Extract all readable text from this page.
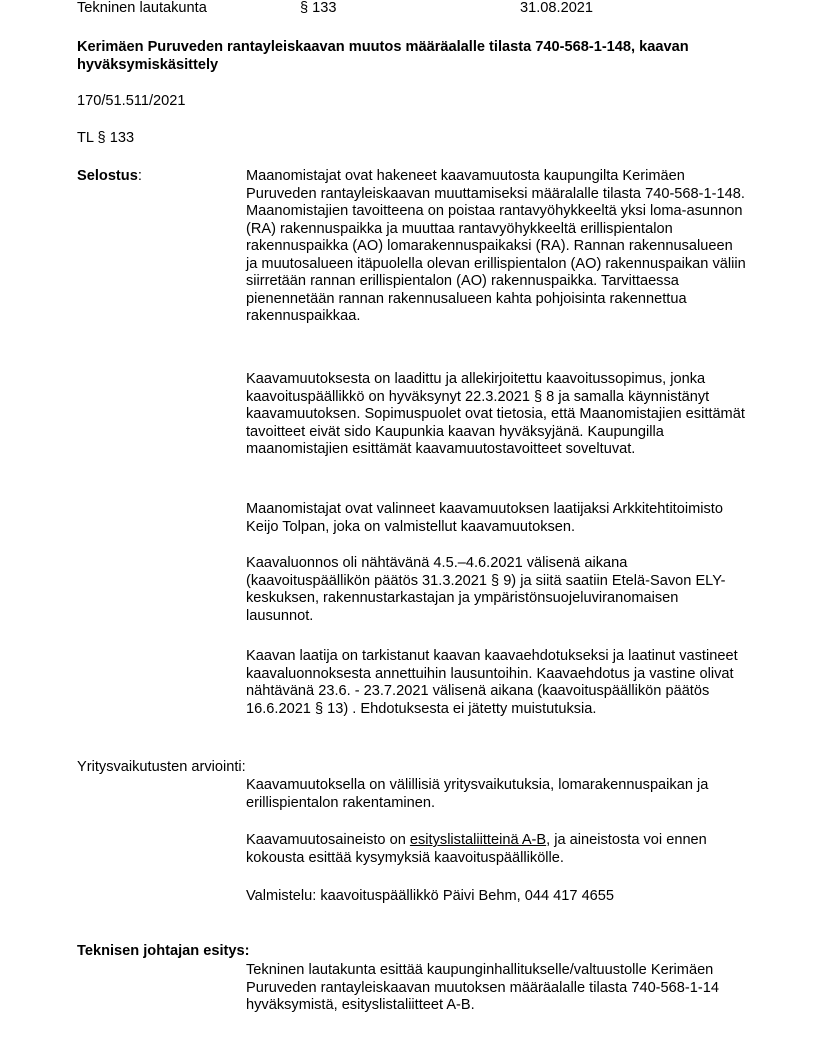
Tekninen lautakunta	§ 133	31.08.2021
Kerimäen Puruveden rantayleiskaavan muutos määräalalle tilasta 740-568-1-148, kaavan hyväksymiskäsittely
170/51.511/2021
TL § 133
Selostus:	Maanomistajat ovat hakeneet kaavamuutosta kaupungilta Kerimäen Puruveden rantayleiskaavan muuttamiseksi määralalle tilasta 740-568-1-148. Maanomistajien tavoitteena on poistaa rantavyöhykkeeltä yksi loma-asunnon (RA) rakennuspaikka ja muuttaa rantavyöhykkeeltä erillispientalon rakennuspaikka (AO) lomarakennuspaikaksi (RA). Rannan rakennusalueen ja muutosalueen itäpuolella olevan erillispientalon (AO) rakennuspaikan väliin siirretään rannan erillispientalon (AO) rakennuspaikka. Tarvittaessa pienennetään rannan rakennusalueen kahta pohjoisinta rakennettua rakennuspaikkaa.
Kaavamuutoksesta on laadittu ja allekirjoitettu kaavoitussopimus, jonka kaavoituspäällikkö on hyväksynyt 22.3.2021 § 8 ja samalla käynnistänyt kaavamuutoksen. Sopimuspuolet ovat tietosia, että Maanomistajien esittämät tavoitteet eivät sido Kaupunkia kaavan hyväksyjänä. Kaupungilla maanomistajien esittämät kaavamuutostavoitteet soveltuvat.
Maanomistajat ovat valinneet kaavamuutoksen laatijaksi Arkkitehtitoimisto Keijo Tolpan, joka on valmistellut kaavamuutoksen.
Kaavaluonnos oli nähtävänä 4.5.–4.6.2021 välisenä aikana (kaavoituspäällikön päätös 31.3.2021 § 9) ja siitä saatiin Etelä-Savon ELY-keskuksen, rakennustarkastajan ja ympäristönsuojeluviranomaisen lausunnot.
Kaavan laatija on tarkistanut kaavan kaavaehdotukseksi ja laatinut vastineet kaavaluonnoksesta annettuihin lausuntoihin. Kaavaehdotus ja vastine olivat nähtävänä 23.6. - 23.7.2021 välisenä aikana (kaavoituspäällikön päätös 16.6.2021 § 13) . Ehdotuksesta ei jätetty muistutuksia.
Yritysvaikutusten arviointi:
Kaavamuutoksella on välillisiä yritysvaikutuksia, lomarakennuspaikan ja erillispientalon rakentaminen.
Kaavamuutosaineisto on esityslistaliitteinä A-B, ja aineistosta voi ennen kokousta esittää kysymyksiä kaavoituspäällikölle.
Valmistelu: kaavoituspäällikkö Päivi Behm, 044 417 4655
Teknisen johtajan esitys:
Tekninen lautakunta esittää kaupunginhallitukselle/valtuustolle Kerimäen Puruveden rantayleiskaavan muutoksen määräalalle tilasta 740-568-1-14 hyväksymistä, esityslistaliitteet A-B.
